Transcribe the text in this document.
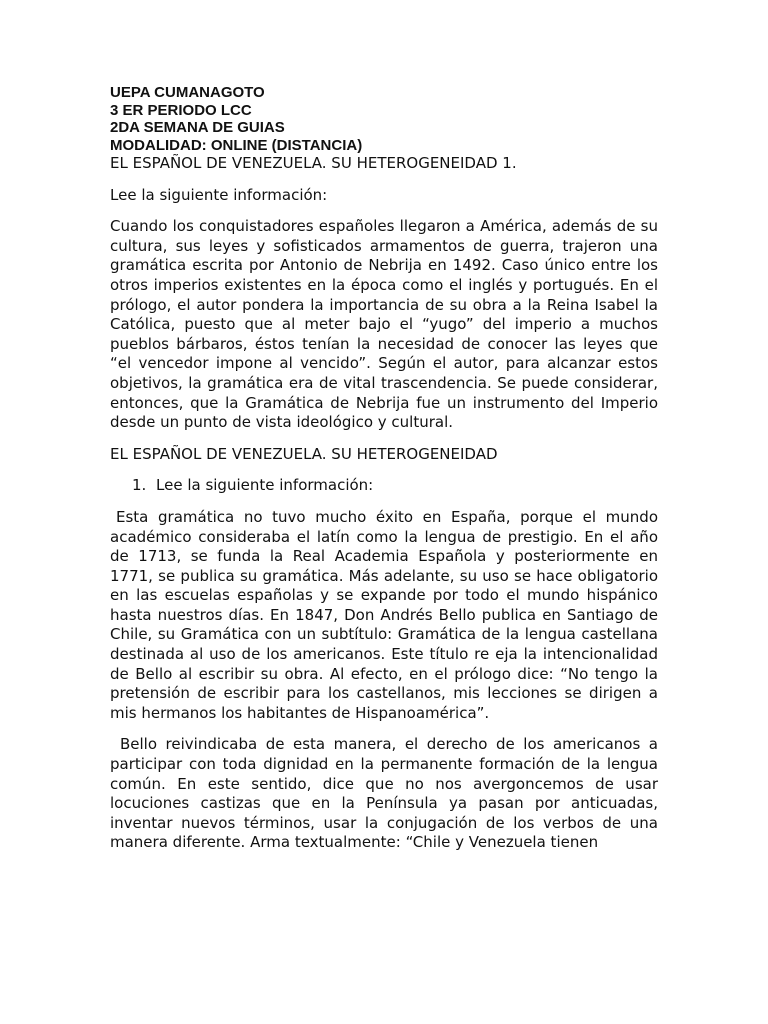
UEPA CUMANAGOTO
3 ER PERIODO LCC
2DA SEMANA DE GUIAS
MODALIDAD: ONLINE (DISTANCIA)

EL ESPAÑOL DE VENEZUELA. SU HETEROGENEIDAD 1.

Lee la siguiente información:

Cuando los conquistadores españoles llegaron a América, además de su cultura, sus leyes y sofisticados armamentos de guerra, trajeron una gramática escrita por Antonio de Nebrija en 1492. Caso único entre los otros imperios existentes en la época como el inglés y portugués. En el prólogo, el autor pondera la importancia de su obra a la Reina Isabel la Católica, puesto que al meter bajo el “yugo” del imperio a muchos pueblos bárbaros, éstos tenían la necesidad de conocer las leyes que “el vencedor impone al vencido”. Según el autor, para alcanzar estos objetivos, la gramática era de vital trascendencia. Se puede considerar, entonces, que la Gramática de Nebrija fue un instrumento del Imperio desde un punto de vista ideológico y cultural.

EL ESPAÑOL DE VENEZUELA. SU HETEROGENEIDAD

1. Lee la siguiente información:

Esta gramática no tuvo mucho éxito en España, porque el mundo académico consideraba el latín como la lengua de prestigio. En el año de 1713, se funda la Real Academia Española y posteriormente en 1771, se publica su gramática. Más adelante, su uso se hace obligatorio en las escuelas españolas y se expande por todo el mundo hispánico hasta nuestros días. En 1847, Don Andrés Bello publica en Santiago de Chile, su Gramática con un subtítulo: Gramática de la lengua castellana destinada al uso de los americanos. Este título re eja la intencionalidad de Bello al escribir su obra. Al efecto, en el prólogo dice: “No tengo la pretensión de escribir para los castellanos, mis lecciones se dirigen a mis hermanos los habitantes de Hispanoamérica”.

Bello reivindicaba de esta manera, el derecho de los americanos a participar con toda dignidad en la permanente formación de la lengua común. En este sentido, dice que no nos avergoncemos de usar locuciones castizas que en la Península ya pasan por anticuadas, inventar nuevos términos, usar la conjugación de los verbos de una manera diferente. Arma textualmente: “Chile y Venezuela tienen
